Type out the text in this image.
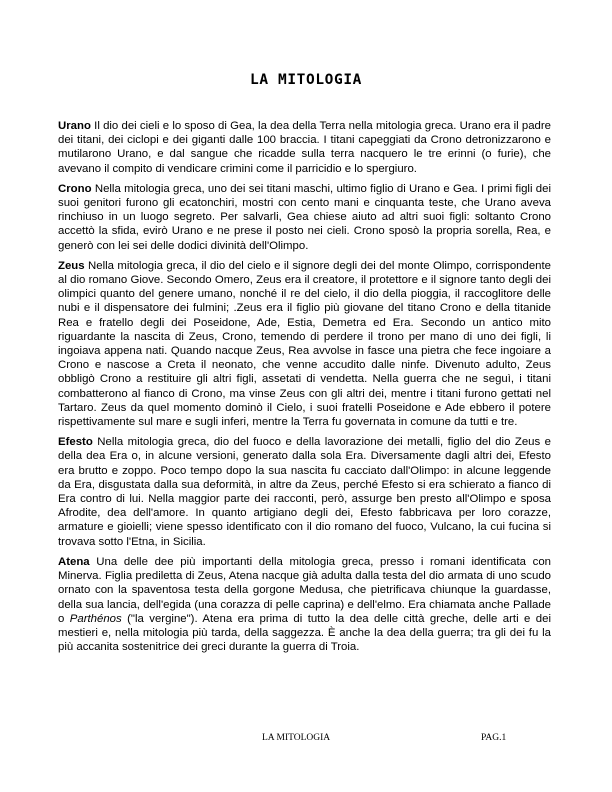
LA MITOLOGIA

Urano Il dio dei cieli e lo sposo di Gea, la dea della Terra nella mitologia greca. Urano era il padre dei titani, dei ciclopi e dei giganti dalle 100 braccia. I titani capeggiati da Crono detronizzarono e mutilarono Urano, e dal sangue che ricadde sulla terra nacquero le tre erinni (o furie), che avevano il compito di vendicare crimini come il parricidio e lo spergiuro.

Crono Nella mitologia greca, uno dei sei titani maschi, ultimo figlio di Urano e Gea. I primi figli dei suoi genitori furono gli ecatonchiri, mostri con cento mani e cinquanta teste, che Urano aveva rinchiuso in un luogo segreto. Per salvarli, Gea chiese aiuto ad altri suoi figli: soltanto Crono accettò la sfida, evirò Urano e ne prese il posto nei cieli. Crono sposò la propria sorella, Rea, e generò con lei sei delle dodici divinità dell'Olimpo.

Zeus Nella mitologia greca, il dio del cielo e il signore degli dei del monte Olimpo, corrispondente al dio romano Giove. Secondo Omero, Zeus era il creatore, il protettore e il signore tanto degli dei olimpici quanto del genere umano, nonché il re del cielo, il dio della pioggia, il raccoglitore delle nubi e il dispensatore dei fulmini; .Zeus era il figlio più giovane del titano Crono e della titanide Rea e fratello degli dei Poseidone, Ade, Estia, Demetra ed Era. Secondo un antico mito riguardante la nascita di Zeus, Crono, temendo di perdere il trono per mano di uno dei figli, li ingoiava appena nati. Quando nacque Zeus, Rea avvolse in fasce una pietra che fece ingoiare a Crono e nascose a Creta il neonato, che venne accudito dalle ninfe. Divenuto adulto, Zeus obbligò Crono a restituire gli altri figli, assetati di vendetta. Nella guerra che ne seguì, i titani combatterono al fianco di Crono, ma vinse Zeus con gli altri dei, mentre i titani furono gettati nel Tartaro. Zeus da quel momento dominò il Cielo, i suoi fratelli Poseidone e Ade ebbero il potere rispettivamente sul mare e sugli inferi, mentre la Terra fu governata in comune da tutti e tre.

Efesto Nella mitologia greca, dio del fuoco e della lavorazione dei metalli, figlio del dio Zeus e della dea Era o, in alcune versioni, generato dalla sola Era. Diversamente dagli altri dei, Efesto era brutto e zoppo. Poco tempo dopo la sua nascita fu cacciato dall'Olimpo: in alcune leggende da Era, disgustata dalla sua deformità, in altre da Zeus, perché Efesto si era schierato a fianco di Era contro di lui. Nella maggior parte dei racconti, però, assurge ben presto all'Olimpo e sposa Afrodite, dea dell'amore. In quanto artigiano degli dei, Efesto fabbricava per loro corazze, armature e gioielli; viene spesso identificato con il dio romano del fuoco, Vulcano, la cui fucina si trovava sotto l'Etna, in Sicilia.

Atena Una delle dee più importanti della mitologia greca, presso i romani identificata con Minerva. Figlia prediletta di Zeus, Atena nacque già adulta dalla testa del dio armata di uno scudo ornato con la spaventosa testa della gorgone Medusa, che pietrificava chiunque la guardasse, della sua lancia, dell'egida (una corazza di pelle caprina) e dell'elmo. Era chiamata anche Pallade o Parthénos ("la vergine"). Atena era prima di tutto la dea delle città greche, delle arti e dei mestieri e, nella mitologia più tarda, della saggezza. È anche la dea della guerra; tra gli dei fu la più accanita sostenitrice dei greci durante la guerra di Troia.

LA MITOLOGIA	PAG.1
